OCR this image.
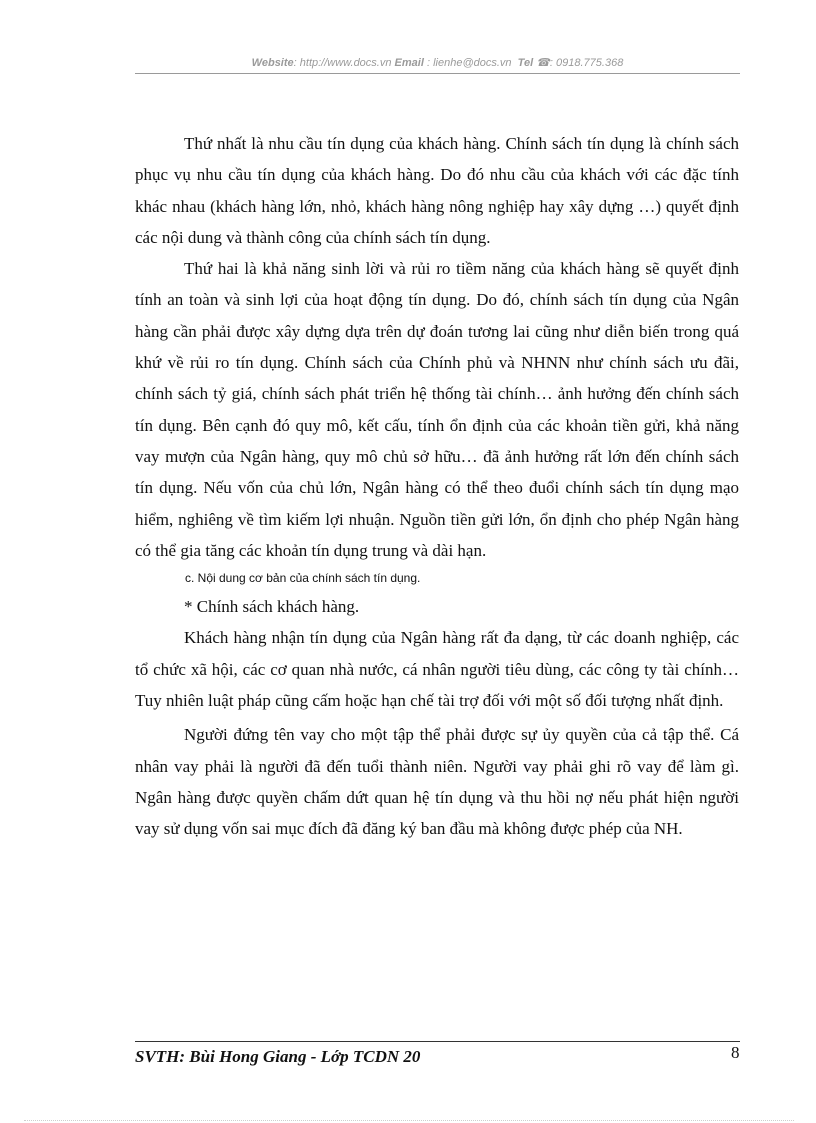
Website: http://www.docs.vn Email : lienhe@docs.vn Tel ☎: 0918.775.368

Thứ nhất là nhu cầu tín dụng của khách hàng. Chính sách tín dụng là chính sách phục vụ nhu cầu tín dụng của khách hàng. Do đó nhu cầu của khách với các đặc tính khác nhau (khách hàng lớn, nhỏ, khách hàng nông nghiệp hay xây dựng …) quyết định các nội dung và thành công của chính sách tín dụng.

Thứ hai là khả năng sinh lời và rủi ro tiềm năng của khách hàng sẽ quyết định tính an toàn và sinh lợi của hoạt động tín dụng. Do đó, chính sách tín dụng của Ngân hàng cần phải được xây dựng dựa trên dự đoán tương lai cũng như diễn biến trong quá khứ về rủi ro tín dụng. Chính sách của Chính phủ và NHNN như chính sách ưu đãi, chính sách tỷ giá, chính sách phát triển hệ thống tài chính… ảnh hưởng đến chính sách tín dụng. Bên cạnh đó quy mô, kết cấu, tính ổn định của các khoản tiền gửi, khả năng vay mượn của Ngân hàng, quy mô chủ sở hữu… đã ảnh hưởng rất lớn đến chính sách tín dụng. Nếu vốn của chủ lớn, Ngân hàng có thể theo đuổi chính sách tín dụng mạo hiểm, nghiêng về tìm kiếm lợi nhuận. Nguồn tiền gửi lớn, ổn định cho phép Ngân hàng có thể gia tăng các khoản tín dụng trung và dài hạn.

c. Nội dung cơ bản của chính sách tín dụng.

* Chính sách khách hàng.

Khách hàng nhận tín dụng của Ngân hàng rất đa dạng, từ các doanh nghiệp, các tổ chức xã hội, các cơ quan nhà nước, cá nhân người tiêu dùng, các công ty tài chính… Tuy nhiên luật pháp cũng cấm hoặc hạn chế tài trợ đối với một số đối tượng nhất định.

Người đứng tên vay cho một tập thể phải được sự ủy quyền của cả tập thể. Cá nhân vay phải là người đã đến tuổi thành niên. Người vay phải ghi rõ vay để làm gì. Ngân hàng được quyền chấm dứt quan hệ tín dụng và thu hồi nợ nếu phát hiện người vay sử dụng vốn sai mục đích đã đăng ký ban đầu mà không được phép của NH.

SVTH: Bùi Hong Giang - Lớp TCDN 20	8
